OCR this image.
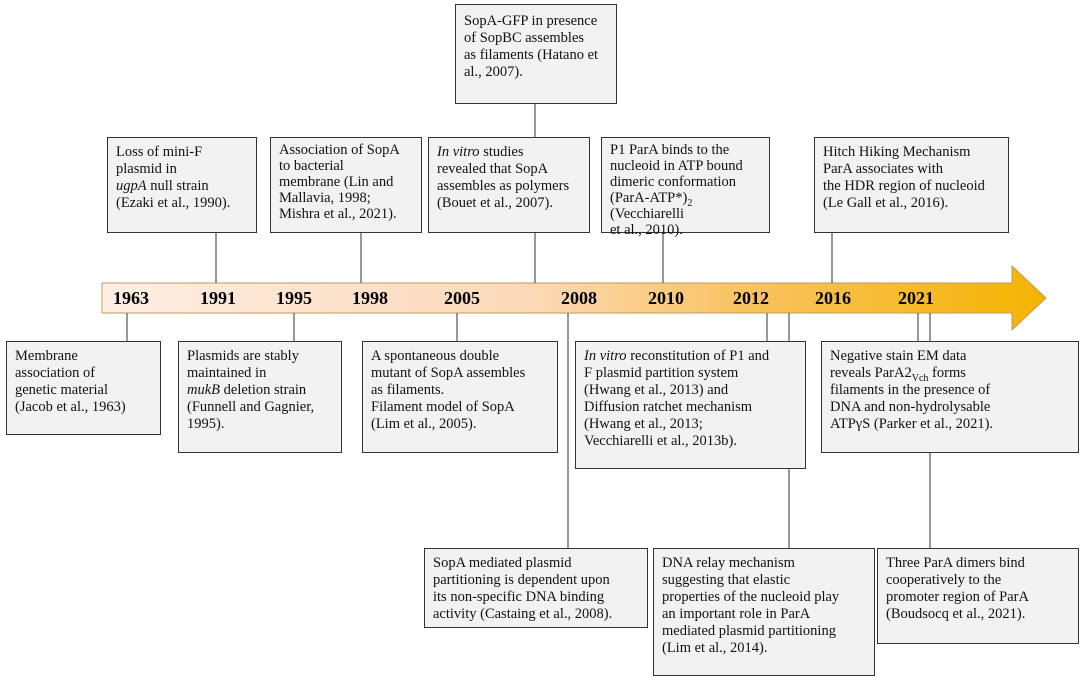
1963	1991 1995 1998	2005	2008	2010	2012	2016	2021

Loss of mini-F

plasmid in

ugpA null strain

(Ezaki et al., 1990).

Association of SopA

to bacterial

membrane (Lin and

Mallavia, 1998;

Mishra et al., 2021).

SopA-GFP in presence

of SopBC assembles

as filaments (Hatano et

al., 2007).

In vitro studies

revealed that SopA

assembles as polymers

(Bouet et al., 2007).

P1 ParA binds to the

nucleoid in ATP bound

dimeric conformation

$(ParA-ATP*)_2$ (Vecchiarelli

et al., 2010).

Hitch Hiking Mechanism

ParA associates with

the HDR region of nucleoid

(Le Gall et al., 2016).

Membrane

association of

genetic material

(Jacob et al., 1963)

Plasmids are stably

maintained in

mukB deletion strain

(Funnell and Gagnier,

1995).

A spontaneous double

mutant of SopA assembles

as filaments.

Filament model of SopA

(Lim et al., 2005).

In vitro reconstitution of P1 and

F plasmid partition system

(Hwang et al., 2013) and

Diffusion ratchet mechanism

(Hwang et al., 2013;

Vecchiarelli et al., 2013b).

Negative stain EM data

reveals $ParA2_{Vch}$ forms

filaments in the presence of

DNA and non-hydrolysable

ATPγS (Parker et al., 2021).

SopA mediated plasmid

partitioning is dependent upon

its non-specific DNA binding

activity (Castaing et al., 2008).

DNA relay mechanism

suggesting that elastic

properties of the nucleoid play

an important role in ParA

mediated plasmid partitioning

(Lim et al., 2014).

Three ParA dimers bind

cooperatively to the

promoter region of ParA

(Boudsocq et al., 2021).
